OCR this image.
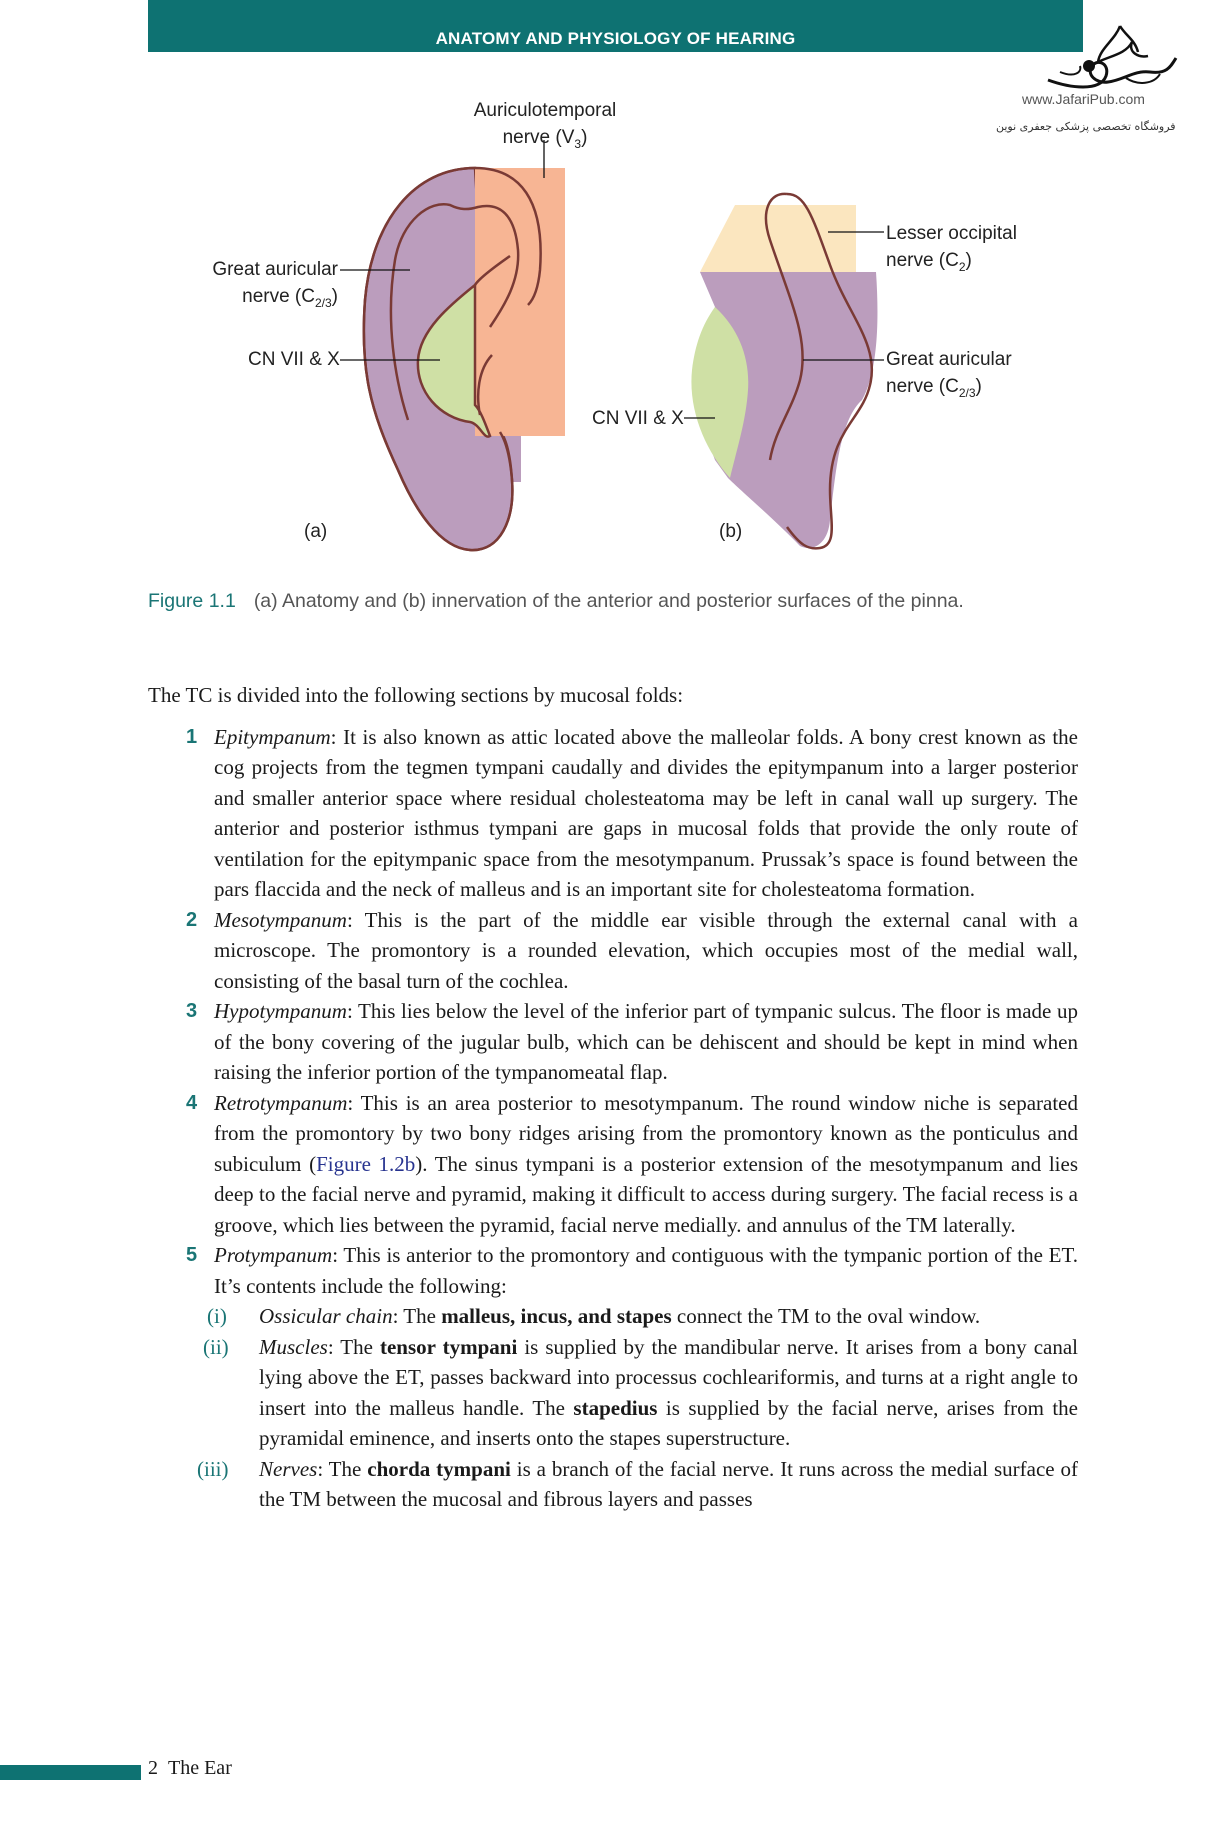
ANATOMY AND PHYSIOLOGY OF HEARING
www.JafariPub.com
فروشگاه تخصصی پزشکی جعفری نوین
Auriculotemporal
nerve $(V_3)$
Great auricular
nerve $(C_{2/3})$
CN VII & X
(a)
Lesser occipital
nerve $(C_2)$
Great auricular
nerve $(C_{2/3})$
CN VII & X
(b)
Figure 1.1 (a) Anatomy and (b) innervation of the anterior and posterior surfaces of the pinna.

The TC is divided into the following sections by mucosal folds:

1 Epitympanum: It is also known as attic located above the malleolar folds. A bony crest known as the cog projects from the tegmen tympani caudally and divides the epitympanum into a larger posterior and smaller anterior space where residual cholesteatoma may be left in canal wall up surgery. The anterior and posterior isthmus tympani are gaps in mucosal folds that provide the only route of ventilation for the epitympanic space from the mesotympanum. Prussak’s space is found between the pars flaccida and the neck of malleus and is an important site for cholesteatoma formation.
2 Mesotympanum: This is the part of the middle ear visible through the external canal with a microscope. The promontory is a rounded elevation, which occupies most of the medial wall, consisting of the basal turn of the cochlea.
3 Hypotympanum: This lies below the level of the inferior part of tympanic sulcus. The floor is made up of the bony covering of the jugular bulb, which can be dehiscent and should be kept in mind when raising the inferior portion of the tympanomeatal flap.
4 Retrotympanum: This is an area posterior to mesotympanum. The round window niche is separated from the promontory by two bony ridges arising from the promontory known as the ponticulus and subiculum (Figure 1.2b). The sinus tympani is a posterior extension of the mesotympanum and lies deep to the facial nerve and pyramid, making it difficult to access during surgery. The facial recess is a groove, which lies between the pyramid, facial nerve medially. and annulus of the TM laterally.
5 Protympanum: This is anterior to the promontory and contiguous with the tympanic portion of the ET. It’s contents include the following:
(i) Ossicular chain: The malleus, incus, and stapes connect the TM to the oval window.
(ii) Muscles: The tensor tympani is supplied by the mandibular nerve. It arises from a bony canal lying above the ET, passes backward into processus cochleariformis, and turns at a right angle to insert into the malleus handle. The stapedius is supplied by the facial nerve, arises from the pyramidal eminence, and inserts onto the stapes superstructure.
(iii) Nerves: The chorda tympani is a branch of the facial nerve. It runs across the medial surface of the TM between the mucosal and fibrous layers and passes
2 The Ear
